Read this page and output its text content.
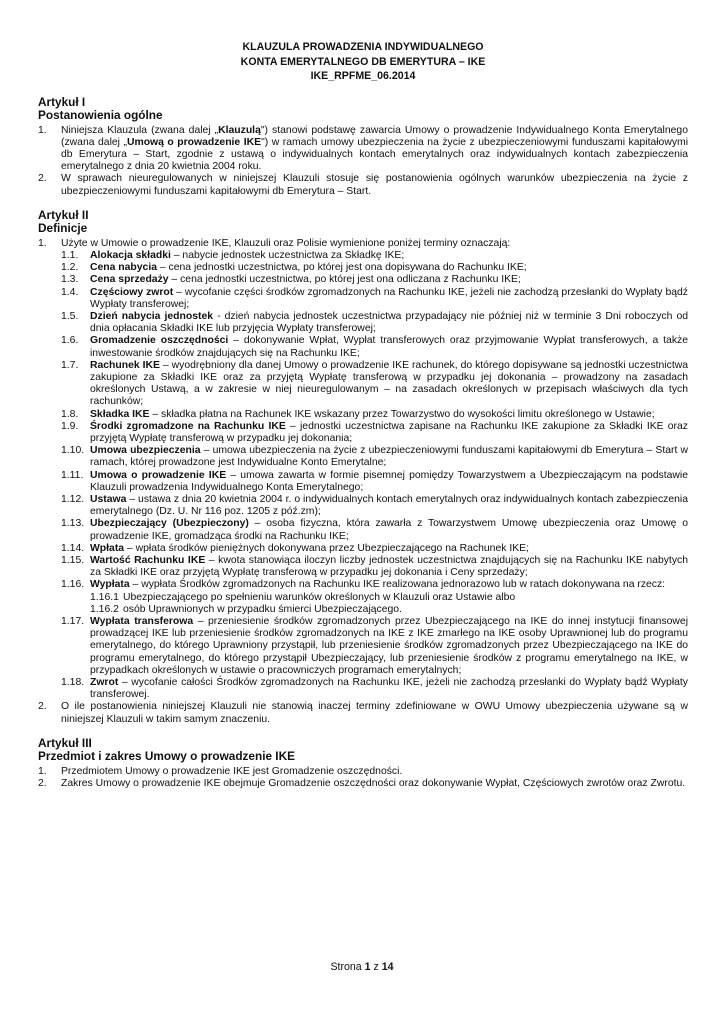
KLAUZULA PROWADZENIA INDYWIDUALNEGO

KONTA EMERYTALNEGO DB EMERYTURA – IKE

IKE_RPFME_06.2014

Artykuł I
Postanowienia ogólne
1.	Niniejsza Klauzula (zwana dalej „Klauzulą") stanowi podstawę zawarcia Umowy o prowadzenie Indywidualnego Konta Emerytalnego (zwana dalej „Umową o prowadzenie IKE") w ramach umowy ubezpieczenia na życie z ubezpieczeniowymi funduszami kapitałowymi db Emerytura – Start, zgodnie z ustawą o indywidualnych kontach emerytalnych oraz indywidualnych kontach zabezpieczenia emerytalnego z dnia 20 kwietnia 2004 roku.
2.	W sprawach nieuregulowanych w niniejszej Klauzuli stosuje się postanowienia ogólnych warunków ubezpieczenia na życie z ubezpieczeniowymi funduszami kapitałowymi db Emerytura – Start.
Artykuł II
Definicje
1.	Użyte w Umowie o prowadzenie IKE, Klauzuli oraz Polisie wymienione poniżej terminy oznaczają:
1.1.	Alokacja składki – nabycie jednostek uczestnictwa za Składkę IKE;
1.2.	Cena nabycia – cena jednostki uczestnictwa, po której jest ona dopisywana do Rachunku IKE;
1.3.	Cena sprzedaży – cena jednostki uczestnictwa, po której jest ona odliczana z Rachunku IKE;
1.4.	Częściowy zwrot – wycofanie części środków zgromadzonych na Rachunku IKE, jeżeli nie zachodzą przesłanki do Wypłaty bądź Wypłaty transferowej;
1.5.	Dzień nabycia jednostek - dzień nabycia jednostek uczestnictwa przypadający nie później niż w terminie 3 Dni roboczych od dnia opłacania Składki IKE lub przyjęcia Wypłaty transferowej;
1.6.	Gromadzenie oszczędności – dokonywanie Wpłat, Wypłat transferowych oraz przyjmowanie Wypłat transferowych, a także inwestowanie środków znajdujących się na Rachunku IKE;
1.7.	Rachunek IKE – wyodrębniony dla danej Umowy o prowadzenie IKE rachunek, do którego dopisywane są jednostki uczestnictwa zakupione za Składki IKE oraz za przyjętą Wypłatę transferową w przypadku jej dokonania – prowadzony na zasadach określonych Ustawą, a w zakresie w niej nieuregulowanym – na zasadach określonych w przepisach właściwych dla tych rachunków;
1.8.	Składka IKE – składka płatna na Rachunek IKE wskazany przez Towarzystwo do wysokości limitu określonego w Ustawie;
1.9.	Środki zgromadzone na Rachunku IKE – jednostki uczestnictwa zapisane na Rachunku IKE zakupione za Składki IKE oraz przyjętą Wypłatę transferową w przypadku jej dokonania;
1.10. Umowa ubezpieczenia – umowa ubezpieczenia na życie z ubezpieczeniowymi funduszami kapitałowymi db Emerytura – Start w ramach, której prowadzone jest Indywidualne Konto Emerytalne;
1.11. Umowa o prowadzenie IKE – umowa zawarta w formie pisemnej pomiędzy Towarzystwem a Ubezpieczającym na podstawie Klauzuli prowadzenia Indywidualnego Konta Emerytalnego;
1.12. Ustawa – ustawa z dnia 20 kwietnia 2004 r. o indywidualnych kontach emerytalnych oraz indywidualnych kontach zabezpieczenia emerytalnego (Dz. U. Nr 116 poz. 1205 z póź.zm);
1.13. Ubezpieczający (Ubezpieczony) – osoba fizyczna, która zawarła z Towarzystwem Umowę ubezpieczenia oraz Umowę o prowadzenie IKE, gromadząca środki na Rachunku IKE;
1.14. Wpłata – wpłata środków pieniężnych dokonywana przez Ubezpieczającego na Rachunek IKE;
1.15. Wartość Rachunku IKE – kwota stanowiąca iloczyn liczby jednostek uczestnictwa znajdujących się na Rachunku IKE nabytych za Składki IKE oraz przyjętą Wypłatę transferową w przypadku jej dokonania i Ceny sprzedaży;
1.16. Wypłata – wypłata Środków zgromadzonych na Rachunku IKE realizowana jednorazowo lub w ratach dokonywana na rzecz:
1.16.1 Ubezpieczającego po spełnieniu warunków określonych w Klauzuli oraz Ustawie albo
1.16.2 osób Uprawnionych w przypadku śmierci Ubezpieczającego.
1.17. Wypłata transferowa – przeniesienie środków zgromadzonych przez Ubezpieczającego na IKE do innej instytucji finansowej prowadzącej IKE lub przeniesienie środków zgromadzonych na IKE z IKE zmarłego na IKE osoby Uprawnionej lub do programu emerytalnego, do którego Uprawniony przystąpił, lub przeniesienie środków zgromadzonych przez Ubezpieczającego na IKE do programu emerytalnego, do którego przystąpił Ubezpieczający, lub przeniesienie środków z programu emerytalnego na IKE, w przypadkach określonych w ustawie o pracowniczych programach emerytalnych;
1.18. Zwrot – wycofanie całości Środków zgromadzonych na Rachunku IKE, jeżeli nie zachodzą przesłanki do Wypłaty bądź Wypłaty transferowej.
2.	O ile postanowienia niniejszej Klauzuli nie stanowią inaczej terminy zdefiniowane w OWU Umowy ubezpieczenia używane są w niniejszej Klauzuli w takim samym znaczeniu.
Artykuł III
Przedmiot i zakres Umowy o prowadzenie IKE
1.	Przedmiotem Umowy o prowadzenie IKE jest Gromadzenie oszczędności.
2.	Zakres Umowy o prowadzenie IKE obejmuje Gromadzenie oszczędności oraz dokonywanie Wypłat, Częściowych zwrotów oraz Zwrotu.
Strona 1 z 14
